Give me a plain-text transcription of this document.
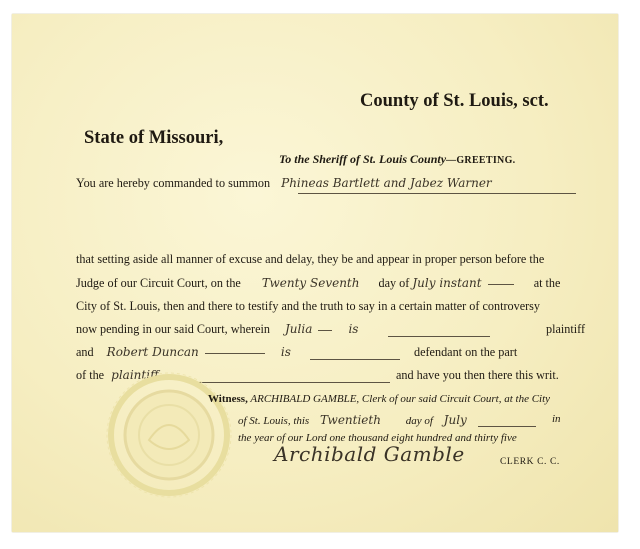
County of St. Louis, sct.
State of Missouri,
To the Sheriff of St. Louis County—GREETING.
You are hereby commanded to summon Phineas Bartlett and Jabez Warner
that setting aside all manner of excuse and delay, they be and appear in proper person before the
Judge of our Circuit Court, on the Twenty Seventh day of July instant	at the
City of St. Louis, then and there to testify and the truth to say in a certain matter of controversy
now pending in our said Court, wherein Julia	is	plaintiff
and Robert Duncan	is	defendant on the part
of the plaintiff	and have you then there this writ.
Witness, ARCHIBALD GAMBLE, Clerk of our said Circuit Court, at the City
of St. Louis, this Twentieth day of July	in
the year of our Lord one thousand eight hundred and thirty five
Archibald Gamble	CLERK C. C.
